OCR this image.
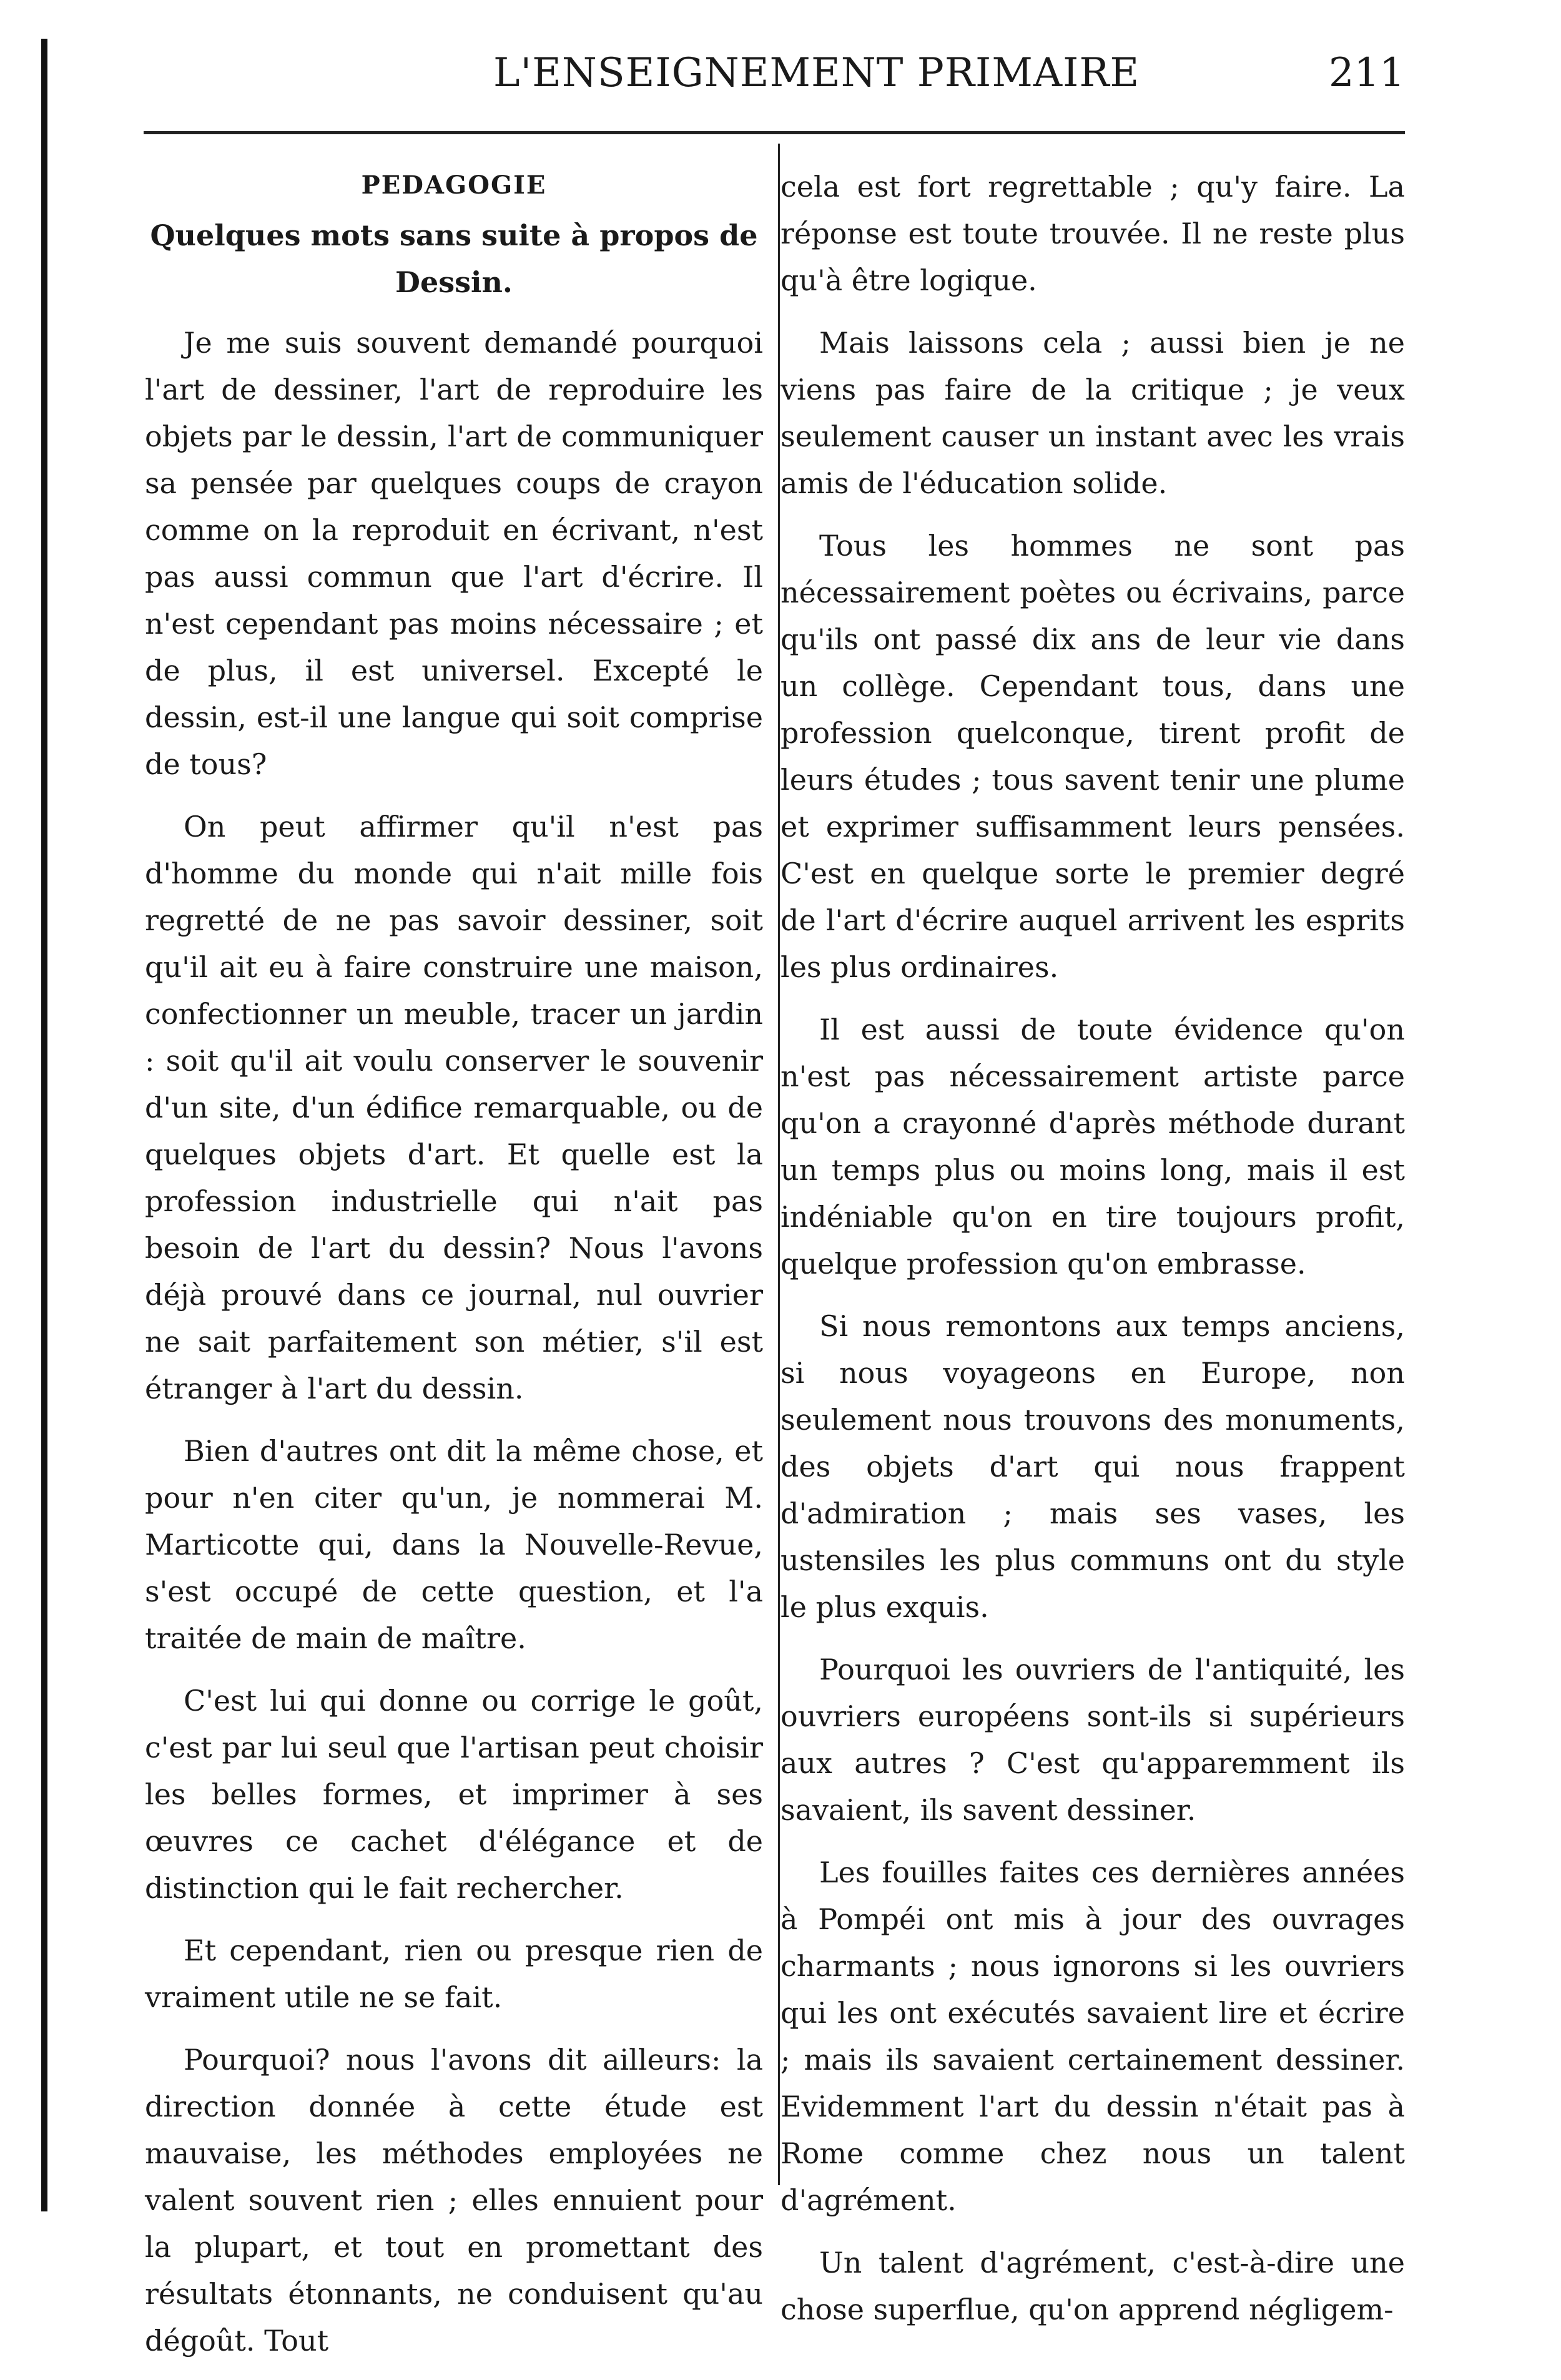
L'ENSEIGNEMENT PRIMAIRE	211
PEDAGOGIE
Quelques mots sans suite à propos de Dessin.

Je me suis souvent demandé pourquoi l'art de dessiner, l'art de reproduire les objets par le dessin, l'art de communiquer sa pensée par quelques coups de crayon comme on la reproduit en écrivant, n'est pas aussi commun que l'art d'écrire. Il n'est cependant pas moins nécessaire ; et de plus, il est universel. Excepté le dessin, est-il une langue qui soit comprise de tous?

On peut affirmer qu'il n'est pas d'homme du monde qui n'ait mille fois regretté de ne pas savoir dessiner, soit qu'il ait eu à faire construire une maison, confectionner un meuble, tracer un jardin : soit qu'il ait voulu conserver le souvenir d'un site, d'un édifice remarquable, ou de quelques objets d'art. Et quelle est la profession industrielle qui n'ait pas besoin de l'art du dessin? Nous l'avons déjà prouvé dans ce journal, nul ouvrier ne sait parfaitement son métier, s'il est étranger à l'art du dessin.

Bien d'autres ont dit la même chose, et pour n'en citer qu'un, je nommerai M. Marticotte qui, dans la Nouvelle-Revue, s'est occupé de cette question, et l'a traitée de main de maître.

C'est lui qui donne ou corrige le goût, c'est par lui seul que l'artisan peut choisir les belles formes, et imprimer à ses œuvres ce cachet d'élégance et de distinction qui le fait rechercher.

Et cependant, rien ou presque rien de vraiment utile ne se fait.

Pourquoi? nous l'avons dit ailleurs: la direction donnée à cette étude est mauvaise, les méthodes employées ne valent souvent rien ; elles ennuient pour la plupart, et tout en promettant des résultats étonnants, ne conduisent qu'au dégoût. Tout

cela est fort regrettable ; qu'y faire. La réponse est toute trouvée. Il ne reste plus qu'à être logique.

Mais laissons cela ; aussi bien je ne viens pas faire de la critique ; je veux seulement causer un instant avec les vrais amis de l'éducation solide.

Tous les hommes ne sont pas nécessairement poètes ou écrivains, parce qu'ils ont passé dix ans de leur vie dans un collège. Cependant tous, dans une profession quelconque, tirent profit de leurs études ; tous savent tenir une plume et exprimer suffisamment leurs pensées. C'est en quelque sorte le premier degré de l'art d'écrire auquel arrivent les esprits les plus ordinaires.

Il est aussi de toute évidence qu'on n'est pas nécessairement artiste parce qu'on a crayonné d'après méthode durant un temps plus ou moins long, mais il est indéniable qu'on en tire toujours profit, quelque profession qu'on embrasse.

Si nous remontons aux temps anciens, si nous voyageons en Europe, non seulement nous trouvons des monuments, des objets d'art qui nous frappent d'admiration ; mais ses vases, les ustensiles les plus communs ont du style le plus exquis.

Pourquoi les ouvriers de l'antiquité, les ouvriers européens sont-ils si supérieurs aux autres ? C'est qu'apparemment ils savaient, ils savent dessiner.

Les fouilles faites ces dernières années à Pompéi ont mis à jour des ouvrages charmants ; nous ignorons si les ouvriers qui les ont exécutés savaient lire et écrire ; mais ils savaient certainement dessiner. Evidemment l'art du dessin n'était pas à Rome comme chez nous un talent d'agrément.

Un talent d'agrément, c'est-à-dire une chose superflue, qu'on apprend négligem-
